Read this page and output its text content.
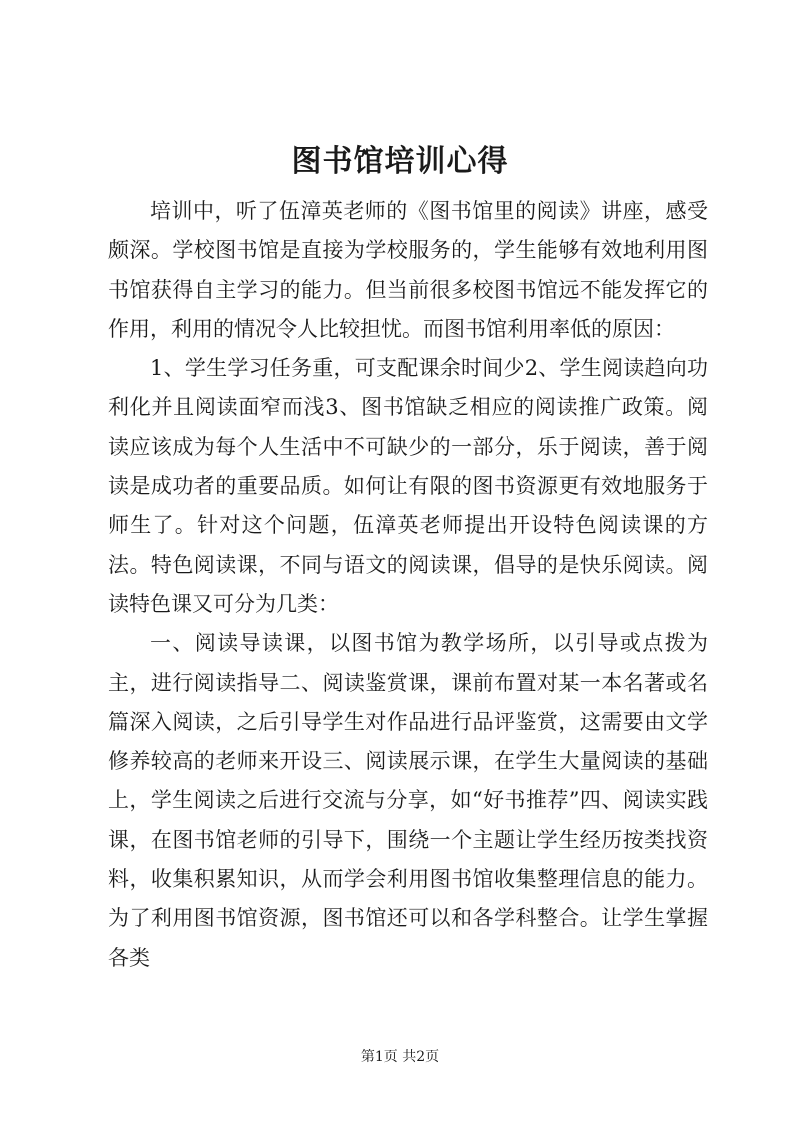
图书馆培训心得

培训中，听了伍漳英老师的《图书馆里的阅读》讲座，感受颇深。学校图书馆是直接为学校服务的，学生能够有效地利用图书馆获得自主学习的能力。但当前很多校图书馆远不能发挥它的作用，利用的情况令人比较担忧。而图书馆利用率低的原因：

1、学生学习任务重，可支配课余时间少2、学生阅读趋向功利化并且阅读面窄而浅3、图书馆缺乏相应的阅读推广政策。阅读应该成为每个人生活中不可缺少的一部分，乐于阅读，善于阅读是成功者的重要品质。如何让有限的图书资源更有效地服务于师生了。针对这个问题，伍漳英老师提出开设特色阅读课的方法。特色阅读课，不同与语文的阅读课，倡导的是快乐阅读。阅读特色课又可分为几类：

一、阅读导读课，以图书馆为教学场所，以引导或点拨为主，进行阅读指导二、阅读鉴赏课，课前布置对某一本名著或名篇深入阅读，之后引导学生对作品进行品评鉴赏，这需要由文学修养较高的老师来开设三、阅读展示课，在学生大量阅读的基础上，学生阅读之后进行交流与分享，如“好书推荐”四、阅读实践课，在图书馆老师的引导下，围绕一个主题让学生经历按类找资料，收集积累知识，从而学会利用图书馆收集整理信息的能力。为了利用图书馆资源，图书馆还可以和各学科整合。让学生掌握各类

第1页 共2页
